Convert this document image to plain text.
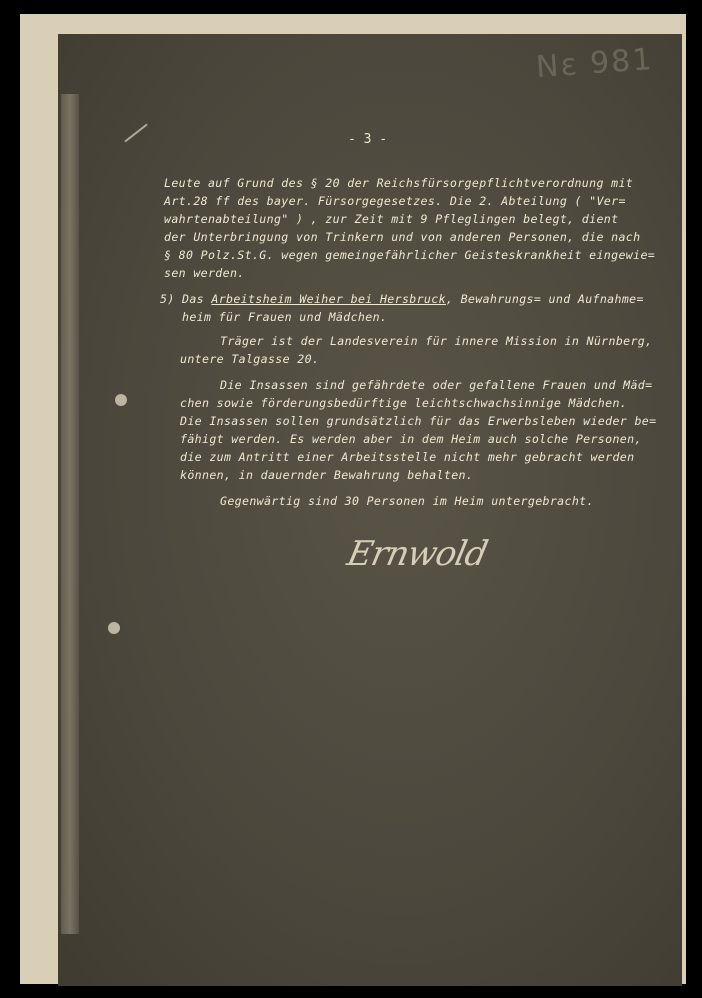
Nε 981
- 3 -
Leute auf Grund des § 20 der Reichsfürsorgepflichtverordnung mit
Art.28 ff des bayer. Fürsorgegesetzes. Die 2. Abteilung ( "Ver=
wahrtenabteilung" ) , zur Zeit mit 9 Pfleglingen belegt, dient
der Unterbringung von Trinkern und von anderen Personen, die nach
§ 80 Polz.St.G. wegen gemeingefährlicher Geisteskrankheit eingewie=
sen werden.
5) Das Arbeitsheim Weiher bei Hersbruck, Bewahrungs= und Aufnahme=
heim für Frauen und Mädchen.
Träger ist der Landesverein für innere Mission in Nürnberg,
untere Talgasse 20.
Die Insassen sind gefährdete oder gefallene Frauen und Mäd=
chen sowie förderungsbedürftige leichtschwachsinnige Mädchen.
Die Insassen sollen grundsätzlich für das Erwerbsleben wieder be=
fähigt werden. Es werden aber in dem Heim auch solche Personen,
die zum Antritt einer Arbeitsstelle nicht mehr gebracht werden
können, in dauernder Bewahrung behalten.
Gegenwärtig sind 30 Personen im Heim untergebracht.
Ernwold
